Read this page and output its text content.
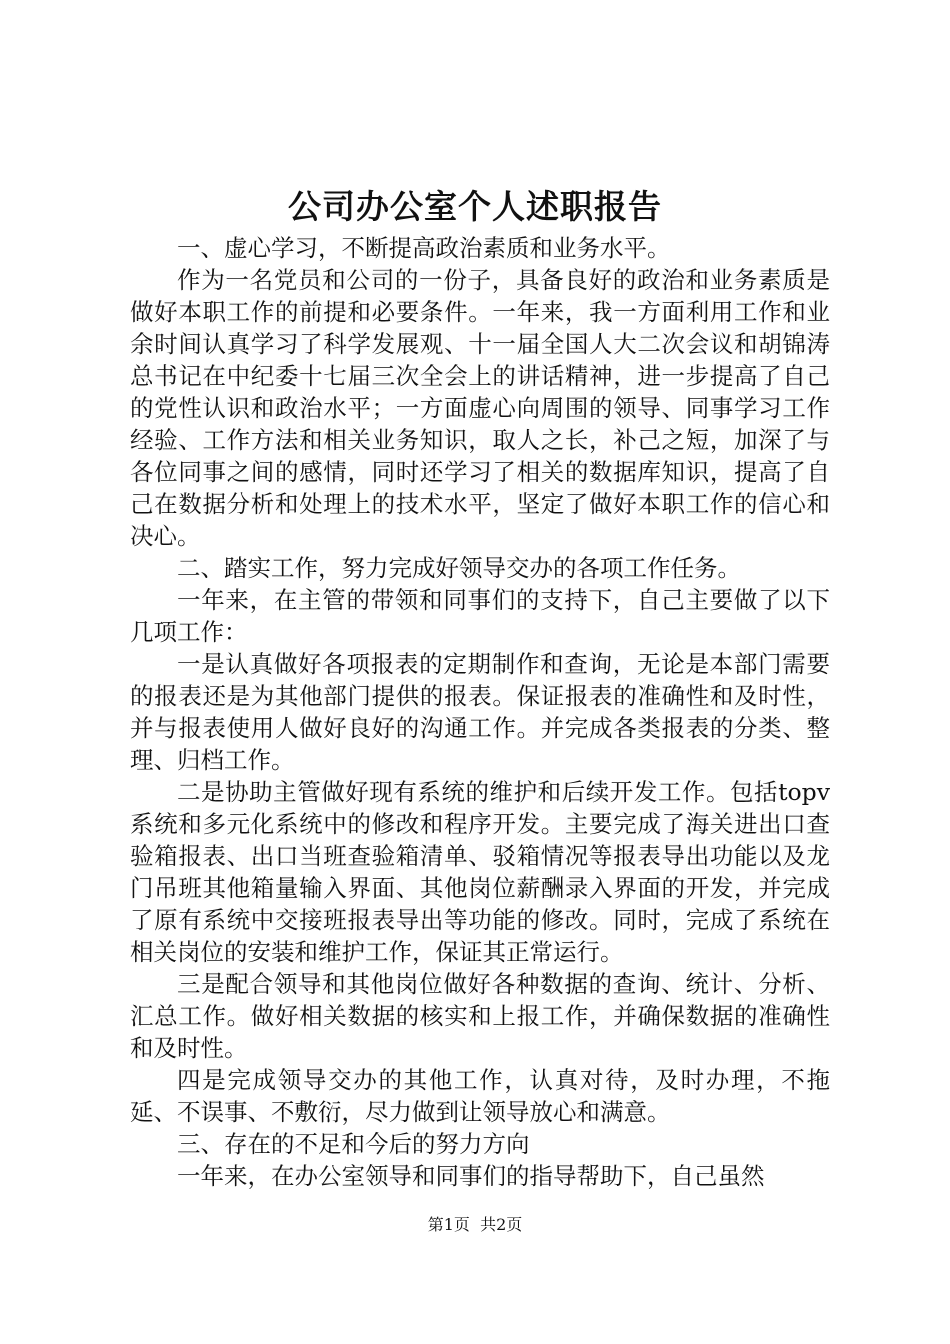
公司办公室个人述职报告

一、虚心学习，不断提高政治素质和业务水平。

作为一名党员和公司的一份子，具备良好的政治和业务素质是做好本职工作的前提和必要条件。一年来，我一方面利用工作和业余时间认真学习了科学发展观、十一届全国人大二次会议和胡锦涛总书记在中纪委十七届三次全会上的讲话精神，进一步提高了自己的党性认识和政治水平；一方面虚心向周围的领导、同事学习工作经验、工作方法和相关业务知识，取人之长，补己之短，加深了与各位同事之间的感情，同时还学习了相关的数据库知识，提高了自己在数据分析和处理上的技术水平，坚定了做好本职工作的信心和决心。

二、踏实工作，努力完成好领导交办的各项工作任务。

一年来，在主管的带领和同事们的支持下，自己主要做了以下几项工作：

一是认真做好各项报表的定期制作和查询，无论是本部门需要的报表还是为其他部门提供的报表。保证报表的准确性和及时性，并与报表使用人做好良好的沟通工作。并完成各类报表的分类、整理、归档工作。

二是协助主管做好现有系统的维护和后续开发工作。包括topv系统和多元化系统中的修改和程序开发。主要完成了海关进出口查验箱报表、出口当班查验箱清单、驳箱情况等报表导出功能以及龙门吊班其他箱量输入界面、其他岗位薪酬录入界面的开发，并完成了原有系统中交接班报表导出等功能的修改。同时，完成了系统在相关岗位的安装和维护工作，保证其正常运行。

三是配合领导和其他岗位做好各种数据的查询、统计、分析、汇总工作。做好相关数据的核实和上报工作，并确保数据的准确性和及时性。

四是完成领导交办的其他工作，认真对待，及时办理，不拖延、不误事、不敷衍，尽力做到让领导放心和满意。

三、存在的不足和今后的努力方向

一年来，在办公室领导和同事们的指导帮助下，自己虽然

第1页 共2页
